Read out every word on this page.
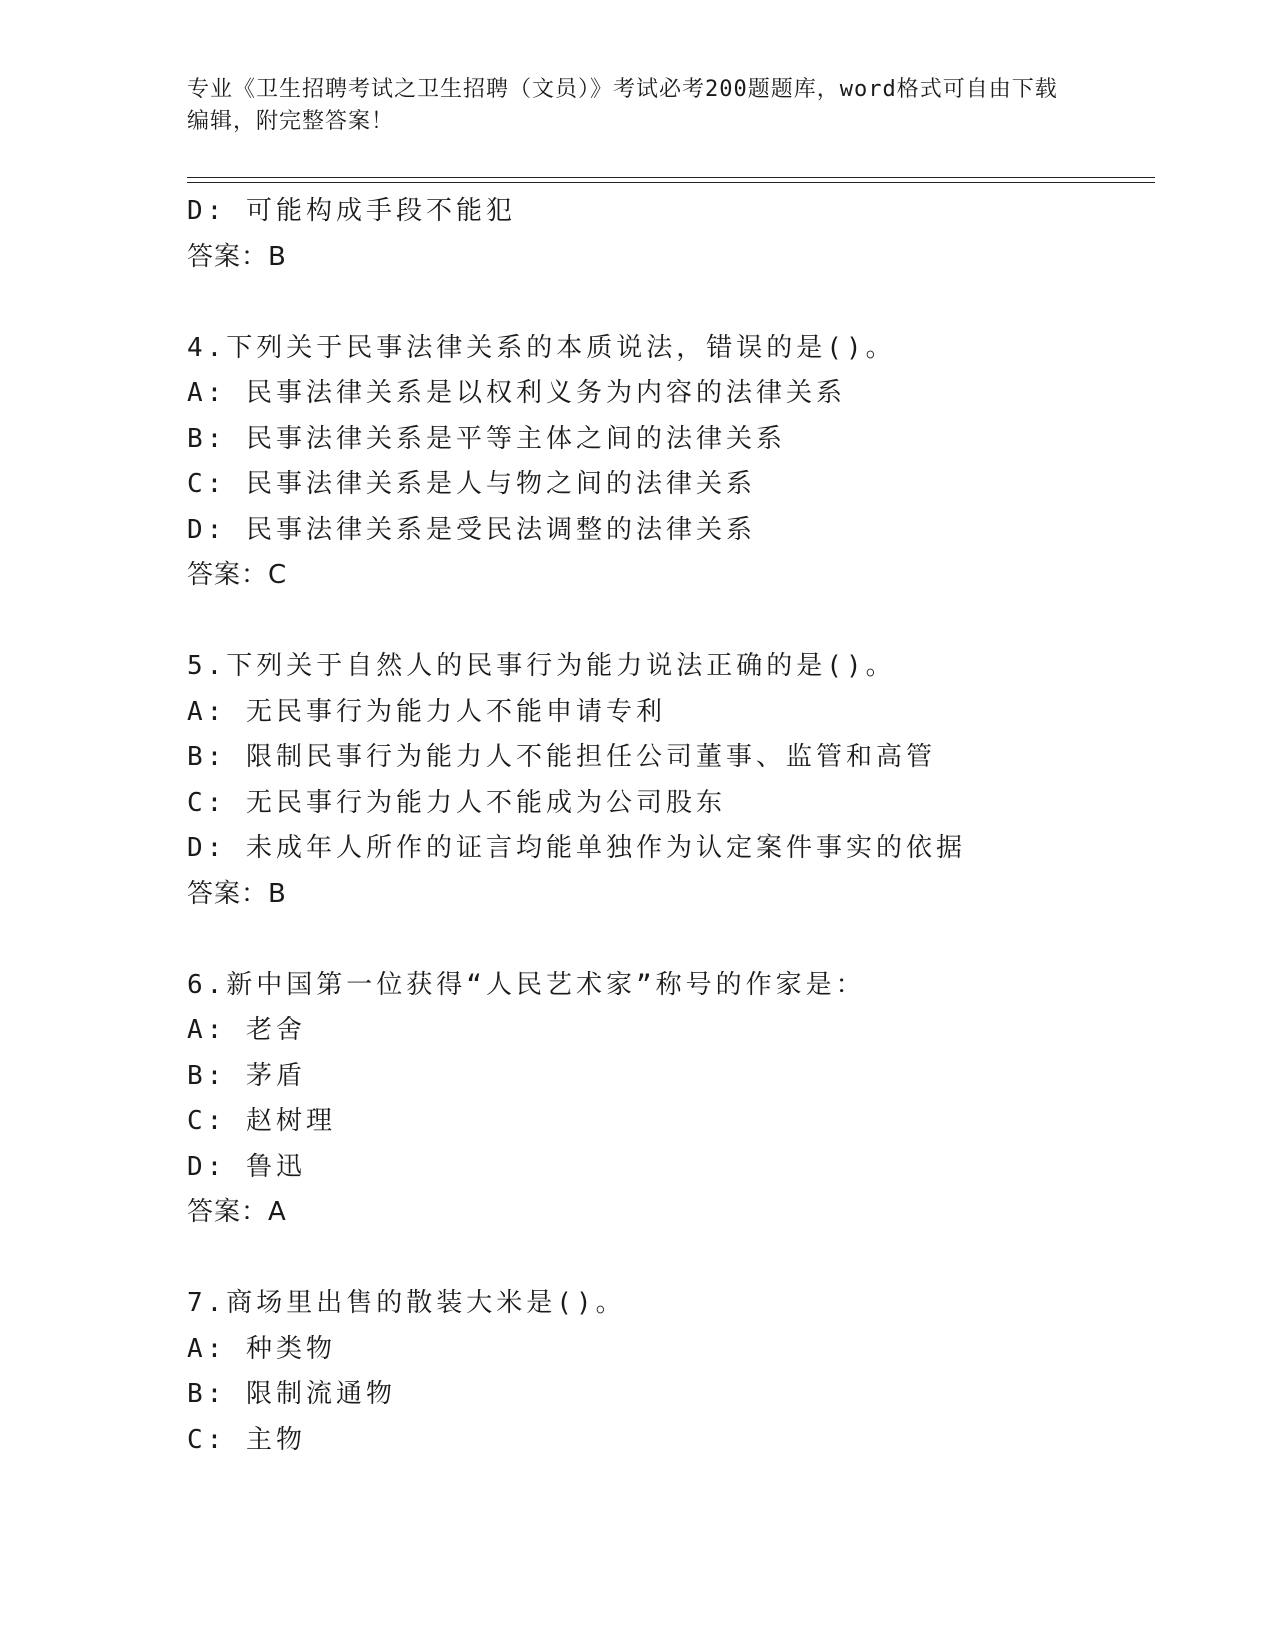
专业《卫生招聘考试之卫生招聘（文员）》考试必考200题题库，word格式可自由下载编辑，附完整答案！
D: 可能构成手段不能犯
答案：B
4.下列关于民事法律关系的本质说法，错误的是()。
A: 民事法律关系是以权利义务为内容的法律关系
B: 民事法律关系是平等主体之间的法律关系
C: 民事法律关系是人与物之间的法律关系
D: 民事法律关系是受民法调整的法律关系
答案：C
5.下列关于自然人的民事行为能力说法正确的是()。
A: 无民事行为能力人不能申请专利
B: 限制民事行为能力人不能担任公司董事、监管和高管
C: 无民事行为能力人不能成为公司股东
D: 未成年人所作的证言均能单独作为认定案件事实的依据
答案：B
6.新中国第一位获得“人民艺术家”称号的作家是：
A: 老舍
B: 茅盾
C: 赵树理
D: 鲁迅
答案：A
7.商场里出售的散装大米是()。
A: 种类物
B: 限制流通物
C: 主物
